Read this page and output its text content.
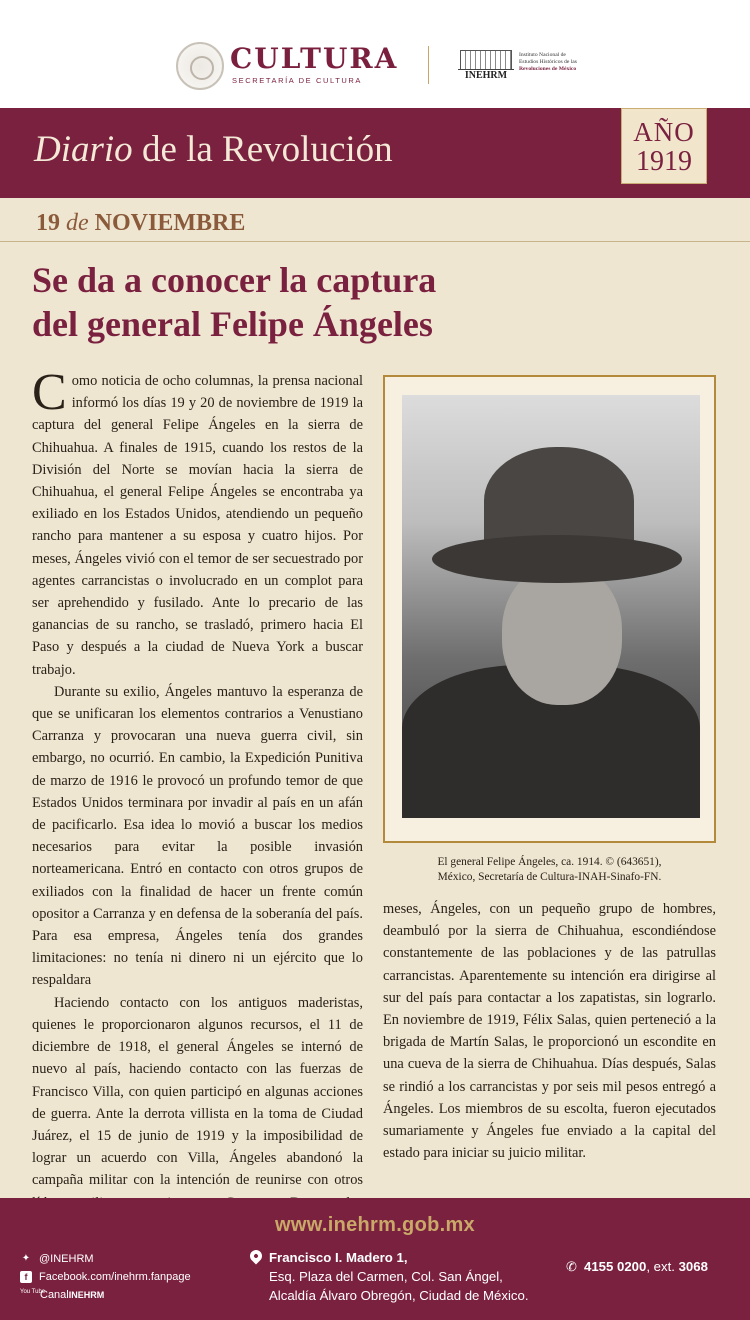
CULTURA
SECRETARÍA DE CULTURA	INEHRM
Instituto Nacional de
Estudios Históricos de las
Revoluciones de México
Diario de la Revolución	AÑO
1919
19 de NOVIEMBRE
Se da a conocer la captura
del general Felipe Ángeles

Como noticia de ocho columnas, la prensa nacional informó los días 19 y 20 de noviembre de 1919 la captura del general Felipe Ángeles en la sierra de Chihuahua. A finales de 1915, cuando los restos de la División del Norte se movían hacia la sierra de Chihuahua, el general Felipe Ángeles se encontraba ya exiliado en los Estados Unidos, atendiendo un pequeño rancho para mantener a su esposa y cuatro hijos. Por meses, Ángeles vivió con el temor de ser secuestrado por agentes carrancistas o involucrado en un complot para ser aprehendido y fusilado. Ante lo precario de las ganancias de su rancho, se trasladó, primero hacia El Paso y después a la ciudad de Nueva York a buscar trabajo.

Durante su exilio, Ángeles mantuvo la esperanza de que se unificaran los elementos contrarios a Venustiano Carranza y provocaran una nueva guerra civil, sin embargo, no ocurrió. En cambio, la Expedición Punitiva de marzo de 1916 le provocó un profundo temor de que Estados Unidos terminara por invadir al país en un afán de pacificarlo. Esa idea lo movió a buscar los medios necesarios para evitar la posible invasión norteamericana. Entró en contacto con otros grupos de exiliados con la finalidad de hacer un frente común opositor a Carranza y en defensa de la soberanía del país. Para esa empresa, Ángeles tenía dos grandes limitaciones: no tenía ni dinero ni un ejército que lo respaldara

Haciendo contacto con los antiguos maderistas, quienes le proporcionaron algunos recursos, el 11 de diciembre de 1918, el general Ángeles se internó de nuevo al país, haciendo contacto con las fuerzas de Francisco Villa, con quien participó en algunas acciones de guerra. Ante la derrota villista en la toma de Ciudad Juárez, el 15 de junio de 1919 y la imposibilidad de lograr un acuerdo con Villa, Ángeles abandonó la campaña militar con la intención de reunirse con otros

El general Felipe Ángeles, ca. 1914. © (643651),
México, Secretaría de Cultura-INAH-Sinafo-FN.

meses, Ángeles, con un pequeño grupo de hombres, deambuló por la sierra de Chihuahua, escondiéndose constantemente de las poblaciones y de las patrullas carrancistas. Aparentemente su intención era dirigirse al sur del país para contactar a los zapatistas, sin lograrlo. En noviembre de 1919, Félix Salas, quien perteneció a la brigada de Martín Salas, le proporcionó un escondite en una cueva de la sierra de Chihuahua. Días después, Salas se rindió a los carrancistas y por seis mil pesos entregó a Ángeles. Los miembros de su escolta, fueron ejecutados sumariamente y Ángeles fue enviado a la capital del estado para iniciar su juicio militar.

www.inehrm.gob.mx
✦ @INEHRM
f	Facebook.com/inehrm.fanpage
You Tube
Canal INEHRM
Francisco I. Madero 1,
Esq. Plaza del Carmen, Col. San Ángel,
Alcaldía Álvaro Obregón, Ciudad de México.
✆ 4155 0200, ext. 3068
